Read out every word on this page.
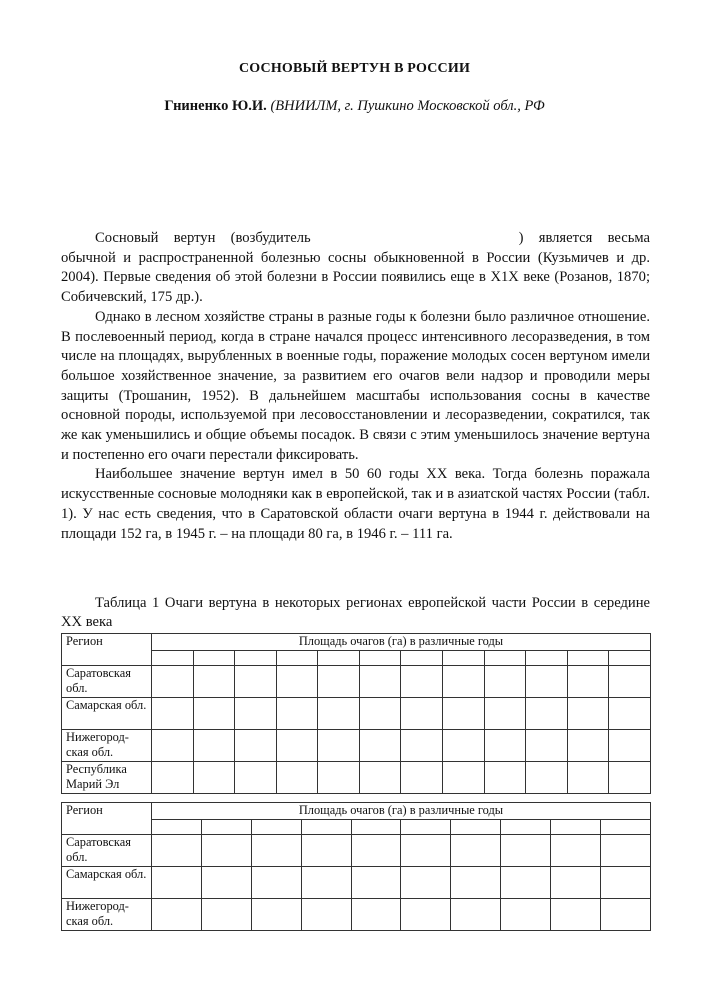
СОСНОВЫЙ ВЕРТУН В РОССИИ
Гниненко Ю.И. (ВНИИЛМ, г. Пушкино Московской обл., РФ

Сосновый вертун (возбудитель	) является весьма обычной и распространенной болезнью сосны обыкновенной в России (Кузьмичев и др. 2004). Первые сведения об этой болезни в России появились еще в Х1Х веке (Розанов, 1870; Собичевский, 175 др.).

Однако в лесном хозяйстве страны в разные годы к болезни было различное отношение. В послевоенный период, когда в стране начался процесс интенсивного лесоразведения, в том числе на площадях, вырубленных в военные годы, поражение молодых сосен вертуном имели большое хозяйственное значение, за развитием его очагов вели надзор и проводили меры защиты (Трошанин, 1952). В дальнейшем масштабы использования сосны в качестве основной породы, используемой при лесовосстановлении и лесоразведении, сократился, так же как уменьшились и общие объемы посадок. В связи с этим уменьшилось значение вертуна и постепенно его очаги перестали фиксировать.

Наибольшее значение вертун имел в 50 60 годы ХХ века. Тогда болезнь поражала искусственные сосновые молодняки как в европейской, так и в азиатской частях России (табл. 1). У нас есть сведения, что в Саратовской области очаги вертуна в 1944 г. действовали на площади 152 га, в 1945 г. – на площади 80 га, в 1946 г. – 111 га.

Таблица 1 Очаги вертуна в некоторых регионах европейской части России в середине ХХ века
Регион	Площадь очагов (га) в различные годы											

Саратовская обл.												
Самарская обл.												
Нижегород-ская обл.												
Республика Марий Эл												
Регион	Площадь очагов (га) в различные годы									

Саратовская обл.										
Самарская обл.										
Нижегород-ская обл.										
